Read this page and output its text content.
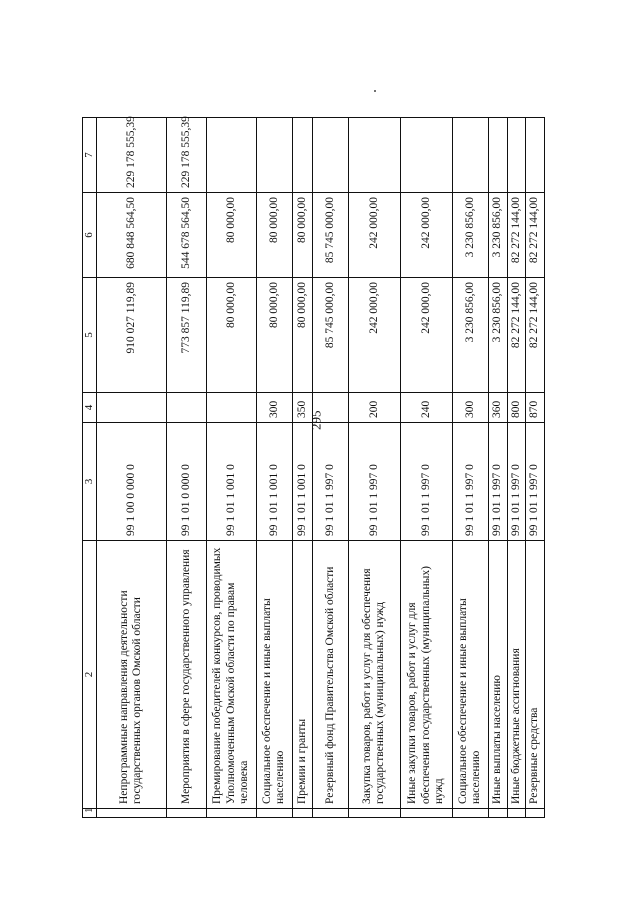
295
1	2	3	4	5	6	7
	Непрограммные направления деятельности государственных органов Омской области	99 1 00 0 000 0		910 027 119,89	680 848 564,50	229 178 555,39
	Мероприятия в сфере государственного управления	99 1 01 0 000 0		773 857 119,89	544 678 564,50	229 178 555,39
	Премирование победителей конкурсов, проводимых Уполномоченным Омской области по правам человека	99 1 01 1 001 0		80 000,00	80 000,00	
	Социальное обеспечение и иные выплаты населению	99 1 01 1 001 0	300	80 000,00	80 000,00	
	Премии и гранты	99 1 01 1 001 0	350	80 000,00	80 000,00	
	Резервный фонд Правительства Омской области	99 1 01 1 997 0		85 745 000,00	85 745 000,00	
	Закупка товаров, работ и услуг для обеспечения государственных (муниципальных) нужд	99 1 01 1 997 0	200	242 000,00	242 000,00	
	Иные закупки товаров, работ и услуг для обеспечения государственных (муниципальных) нужд	99 1 01 1 997 0	240	242 000,00	242 000,00	
	Социальное обеспечение и иные выплаты населению	99 1 01 1 997 0	300	3 230 856,00	3 230 856,00	
	Иные выплаты населению	99 1 01 1 997 0	360	3 230 856,00	3 230 856,00	
	Иные бюджетные ассигнования	99 1 01 1 997 0	800	82 272 144,00	82 272 144,00	
	Резервные средства	99 1 01 1 997 0	870	82 272 144,00	82 272 144,00	
